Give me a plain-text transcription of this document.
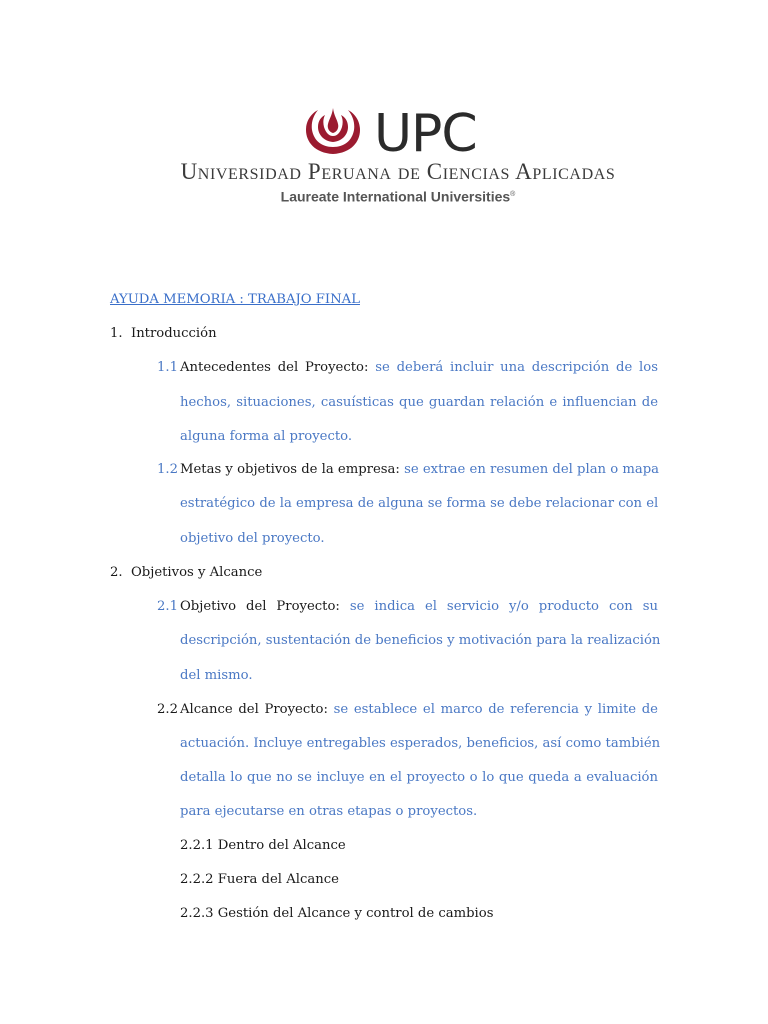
UPC
Universidad Peruana de Ciencias Aplicadas
Laureate International Universities®
AYUDA MEMORIA : TRABAJO FINAL
1. Introducción
1.1 Antecedentes del Proyecto: se deberá incluir una descripción de los
hechos, situaciones, casuísticas que guardan relación e influencian de
alguna forma al proyecto.
1.2 Metas y objetivos de la empresa: se extrae en resumen del plan o mapa
estratégico de la empresa de alguna se forma se debe relacionar con el
objetivo del proyecto.
2. Objetivos y Alcance
2.1 Objetivo del Proyecto: se indica el servicio y/o producto con su
descripción, sustentación de beneficios y motivación para la realización
del mismo.
2.2 Alcance del Proyecto: se establece el marco de referencia y limite de
actuación. Incluye entregables esperados, beneficios, así como también
detalla lo que no se incluye en el proyecto o lo que queda a evaluación
para ejecutarse en otras etapas o proyectos.
2.2.1 Dentro del Alcance
2.2.2 Fuera del Alcance
2.2.3 Gestión del Alcance y control de cambios
